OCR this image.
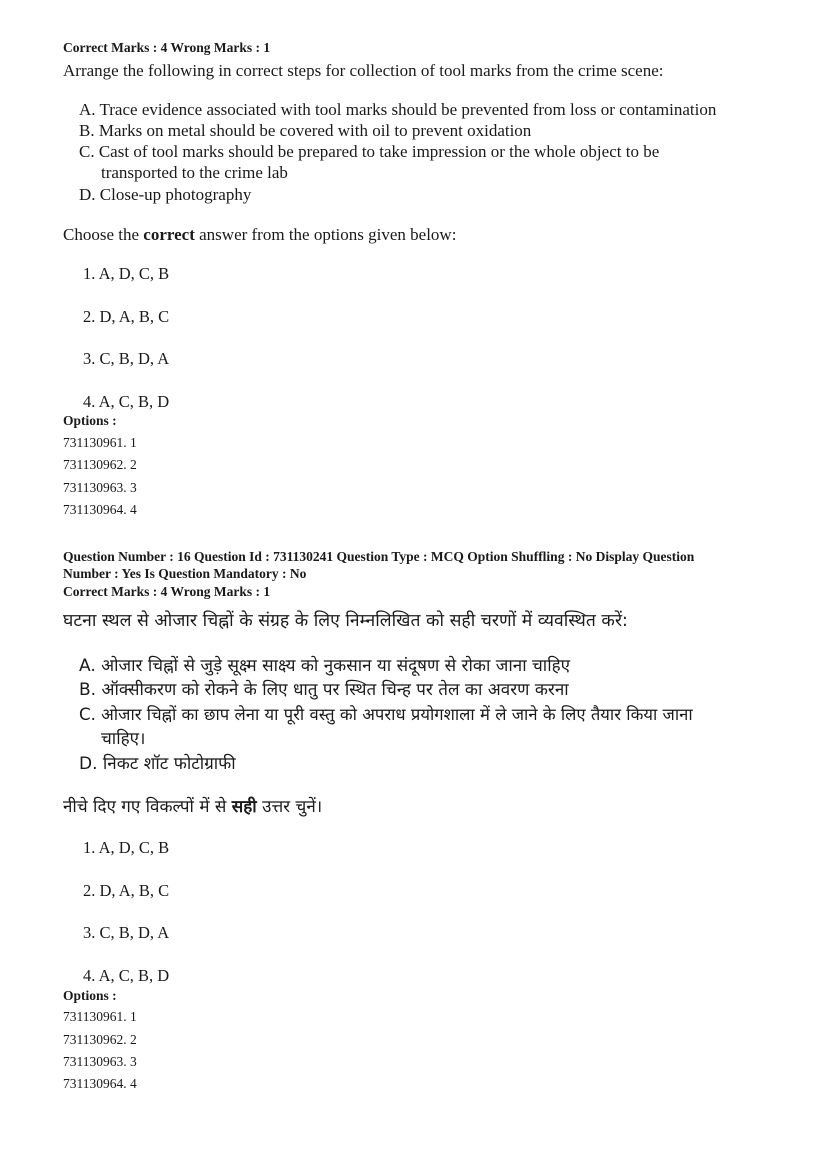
Correct Marks : 4 Wrong Marks : 1
Arrange the following in correct steps for collection of tool marks from the crime scene:
A. Trace evidence associated with tool marks should be prevented from loss or contamination
B. Marks on metal should be covered with oil to prevent oxidation
C. Cast of tool marks should be prepared to take impression or the whole object to be
transported to the crime lab
D. Close-up photography
Choose the correct answer from the options given below:
1. A, D, C, B
2. D, A, B, C
3. C, B, D, A
4. A, C, B, D
Options :
731130961. 1
731130962. 2
731130963. 3
731130964. 4
Question Number : 16 Question Id : 731130241 Question Type : MCQ Option Shuffling : No Display Question
Number : Yes Is Question Mandatory : No
Correct Marks : 4 Wrong Marks : 1
घटना स्थल से ओजार चिह्नों के संग्रह के लिए निम्नलिखित को सही चरणों में व्यवस्थित करें:
A. ओजार चिह्नों से जुड़े सूक्ष्म साक्ष्य को नुकसान या संदूषण से रोका जाना चाहिए
B. ऑक्सीकरण को रोकने के लिए धातु पर स्थित चिन्ह पर तेल का अवरण करना
C. ओजार चिह्नों का छाप लेना या पूरी वस्तु को अपराध प्रयोगशाला में ले जाने के लिए तैयार किया जाना
चाहिए।
D. निकट शॉट फोटोग्राफी
नीचे दिए गए विकल्पों में से सही उत्तर चुनें।
1. A, D, C, B
2. D, A, B, C
3. C, B, D, A
4. A, C, B, D
Options :
731130961. 1
731130962. 2
731130963. 3
731130964. 4
